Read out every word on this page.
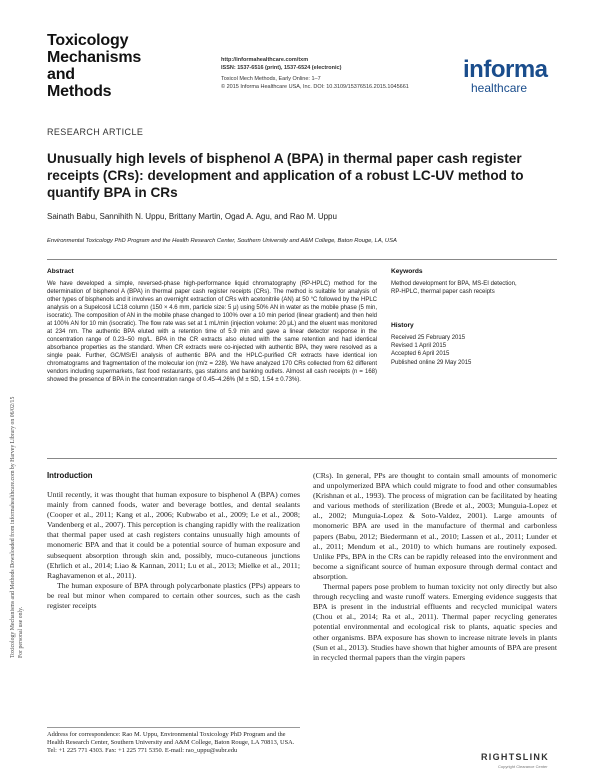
Toxicology
Mechanisms
and
Methods
http://informahealthcare.com/txm
ISSN: 1537-6516 (print), 1537-6524 (electronic)
Toxicol Mech Methods, Early Online: 1–7
© 2015 Informa Healthcare USA, Inc. DOI: 10.3109/15376516.2015.1045661
informa
healthcare
Toxicology Mechanisms and Methods Downloaded from informahealthcare.com by Harvey Library on 06/02/15 For personal use only.
RESEARCH ARTICLE
Unusually high levels of bisphenol A (BPA) in thermal paper cash register receipts (CRs): development and application of a robust LC-UV method to quantify BPA in CRs
Sainath Babu, Sannihith N. Uppu, Brittany Martin, Ogad A. Agu, and Rao M. Uppu
Environmental Toxicology PhD Program and the Health Research Center, Southern University and A&M College, Baton Rouge, LA, USA
Abstract
We have developed a simple, reversed-phase high-performance liquid chromatography (RP-HPLC) method for the determination of bisphenol A (BPA) in thermal paper cash register receipts (CRs). The method is suitable for analysis of other types of bisphenols and it involves an overnight extraction of CRs with acetonitrile (AN) at 50 °C followed by the HPLC analysis on a Supelcosil LC18 column (150 × 4.6 mm, particle size: 5 μ) using 50% AN in water as the mobile phase (5 min, isocratic). The composition of AN in the mobile phase changed to 100% over a 10 min period (linear gradient) and then held at 100% AN for 10 min (isocratic). The flow rate was set at 1 mL/min (injection volume: 20 μL) and the eluent was monitored at 234 nm. The authentic BPA eluted with a retention time of 5.9 min and gave a linear detector response in the concentration range of 0.23–50 mg/L. BPA in the CR extracts also eluted with the same retention and had identical absorbance properties as the standard. When CR extracts were co-injected with authentic BPA, they were resolved as a single peak. Further, GC/MS/EI analysis of authentic BPA and the HPLC-purified CR extracts have identical ion chromatograms and fragmentation of the molecular ion (m/z = 228). We have analyzed 170 CRs collected from 62 different vendors including supermarkets, fast food restaurants, gas stations and banking outlets. Almost all cash receipts (n = 168) showed the presence of BPA in the concentration range of 0.45–4.26% (M ± SD, 1.54 ± 0.73%).
Keywords
Method development for BPA, MS-EI detection, RP-HPLC, thermal paper cash receipts
History
Received 25 February 2015
Revised 1 April 2015
Accepted 6 April 2015
Published online 29 May 2015
Introduction

Until recently, it was thought that human exposure to bisphenol A (BPA) comes mainly from canned foods, water and beverage bottles, and dental sealants (Cooper et al., 2011; Kang et al., 2006; Kubwabo et al., 2009; Le et al., 2008; Vandenberg et al., 2007). This perception is changing rapidly with the realization that thermal paper used at cash registers contains unusually high amounts of monomeric BPA and that it could be a potential source of human exposure and subsequent absorption through skin and, possibly, muco-cutaneous junctions (Ehrlich et al., 2014; Liao & Kannan, 2011; Lu et al., 2013; Mielke et al., 2011; Raghavamenon et al., 2011).

The human exposure of BPA through polycarbonate plastics (PPs) appears to be real but minor when compared to certain other sources, such as the cash register receipts

(CRs). In general, PPs are thought to contain small amounts of monomeric and unpolymerized BPA which could migrate to food and other consumables (Krishnan et al., 1993). The process of migration can be facilitated by heating and various methods of sterilization (Brede et al., 2003; Munguia-Lopez et al., 2002; Munguia-Lopez & Soto-Valdez, 2001). Large amounts of monomeric BPA are used in the manufacture of thermal and carbonless papers (Babu, 2012; Biedermann et al., 2010; Lassen et al., 2011; Lunder et al., 2011; Mendum et al., 2010) to which humans are routinely exposed. Unlike PPs, BPA in the CRs can be rapidly released into the environment and become a significant source of human exposure through dermal contact and absorption.

Thermal papers pose problem to human toxicity not only directly but also through recycling and waste runoff waters. Emerging evidence suggests that BPA is present in the industrial effluents and recycled municipal waters (Chou et al., 2014; Ra et al., 2011). Thermal paper recycling generates potential environmental and ecological risk to plants, aquatic species and other organisms. BPA exposure has shown to increase nitrate levels in plants (Sun et al., 2013). Studies have shown that higher amounts of BPA are present in recycled thermal papers than the virgin papers

Address for correspondence: Rao M. Uppu, Environmental Toxicology PhD Program and the Health Research Center, Southern University and A&M College, Baton Rouge, LA 70813, USA. Tel: +1 225 771 4303. Fax: +1 225 771 5350. E-mail: rao_uppu@subr.edu
RIGHTSLINK
Copyright Clearance Center
